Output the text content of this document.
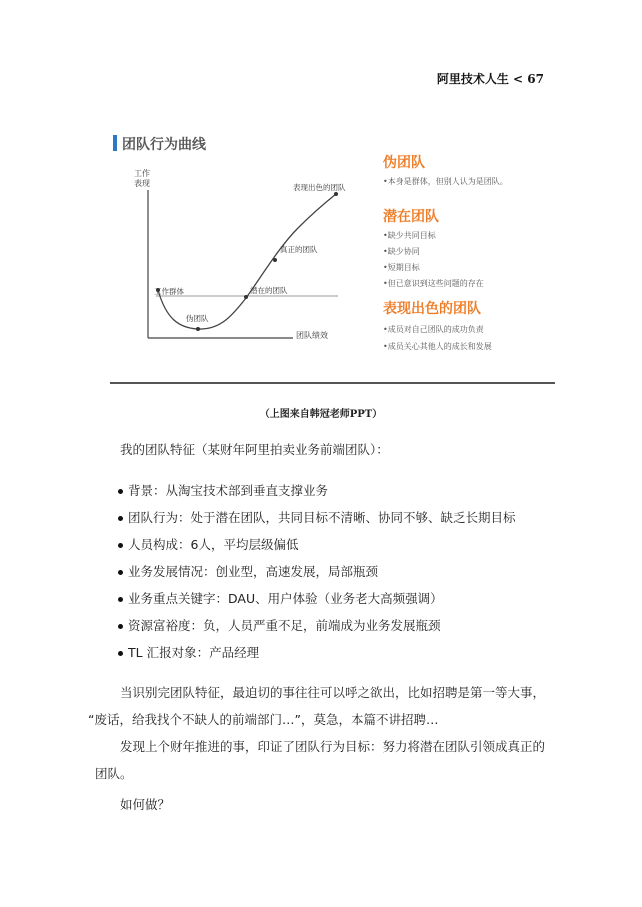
阿里技术人生 < 67
团队行为曲线
工作
表现
团队绩效
工作群体
伪团队
潜在的团队
真正的团队
表现出色的团队
伪团队
•本身是群体，但别人认为是团队。
潜在团队
•缺少共同目标
•缺少协同
•短期目标
•但已意识到这些问题的存在
表现出色的团队
•成员对自己团队的成功负责
•成员关心其他人的成长和发展
（上图来自韩冠老师PPT）
我的团队特征（某财年阿里拍卖业务前端团队）：
背景：从淘宝技术部到垂直支撑业务
团队行为：处于潜在团队，共同目标不清晰、协同不够、缺乏长期目标
人员构成：6人，平均层级偏低
业务发展情况：创业型，高速发展，局部瓶颈
业务重点关键字：DAU、用户体验（业务老大高频强调）
资源富裕度：负，人员严重不足，前端成为业务发展瓶颈
TL 汇报对象：产品经理
当识别完团队特征，最迫切的事往往可以呼之欲出，比如招聘是第一等大事，
“废话，给我找个不缺人的前端部门…”，莫急，本篇不讲招聘…
发现上个财年推进的事，印证了团队行为目标：努力将潜在团队引领成真正的
团队。
如何做？
